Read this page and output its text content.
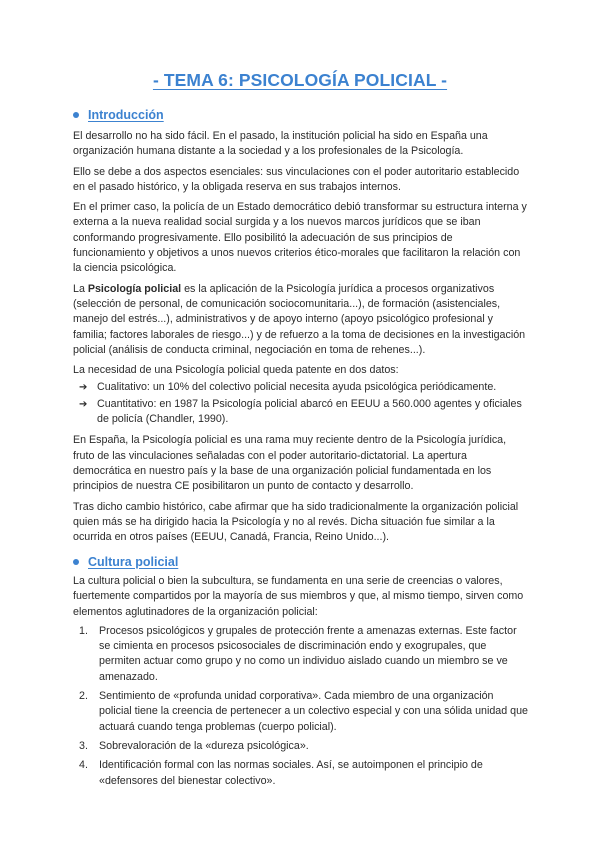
- TEMA 6: PSICOLOGÍA POLICIAL -
Introducción

El desarrollo no ha sido fácil. En el pasado, la institución policial ha sido en España una organización humana distante a la sociedad y a los profesionales de la Psicología.

Ello se debe a dos aspectos esenciales: sus vinculaciones con el poder autoritario establecido en el pasado histórico, y la obligada reserva en sus trabajos internos.

En el primer caso, la policía de un Estado democrático debió transformar su estructura interna y externa a la nueva realidad social surgida y a los nuevos marcos jurídicos que se iban conformando progresivamente. Ello posibilitó la adecuación de sus principios de funcionamiento y objetivos a unos nuevos criterios ético-morales que facilitaron la relación con la ciencia psicológica.

La Psicología policial es la aplicación de la Psicología jurídica a procesos organizativos (selección de personal, de comunicación sociocomunitaria...), de formación (asistenciales, manejo del estrés...), administrativos y de apoyo interno (apoyo psicológico profesional y familia; factores laborales de riesgo...) y de refuerzo a la toma de decisiones en la investigación policial (análisis de conducta criminal, negociación en toma de rehenes...).

La necesidad de una Psicología policial queda patente en dos datos:

➔ Cualitativo: un 10% del colectivo policial necesita ayuda psicológica periódicamente.
➔ Cuantitativo: en 1987 la Psicología policial abarcó en EEUU a 560.000 agentes y oficiales de policía (Chandler, 1990).

En España, la Psicología policial es una rama muy reciente dentro de la Psicología jurídica, fruto de las vinculaciones señaladas con el poder autoritario-dictatorial. La apertura democrática en nuestro país y la base de una organización policial fundamentada en los principios de nuestra CE posibilitaron un punto de contacto y desarrollo.

Tras dicho cambio histórico, cabe afirmar que ha sido tradicionalmente la organización policial quien más se ha dirigido hacia la Psicología y no al revés. Dicha situación fue similar a la ocurrida en otros países (EEUU, Canadá, Francia, Reino Unido...).

Cultura policial

La cultura policial o bien la subcultura, se fundamenta en una serie de creencias o valores, fuertemente compartidos por la mayoría de sus miembros y que, al mismo tiempo, sirven como elementos aglutinadores de la organización policial:

1.	Procesos psicológicos y grupales de protección frente a amenazas externas. Este factor se cimienta en procesos psicosociales de discriminación endo y exogrupales, que permiten actuar como grupo y no como un individuo aislado cuando un miembro se ve amenazado.
2.	Sentimiento de «profunda unidad corporativa». Cada miembro de una organización policial tiene la creencia de pertenecer a un colectivo especial y con una sólida unidad que actuará cuando tenga problemas (cuerpo policial).
3.	Sobrevaloración de la «dureza psicológica».
4.	Identificación formal con las normas sociales. Así, se autoimponen el principio de «defensores del bienestar colectivo».
